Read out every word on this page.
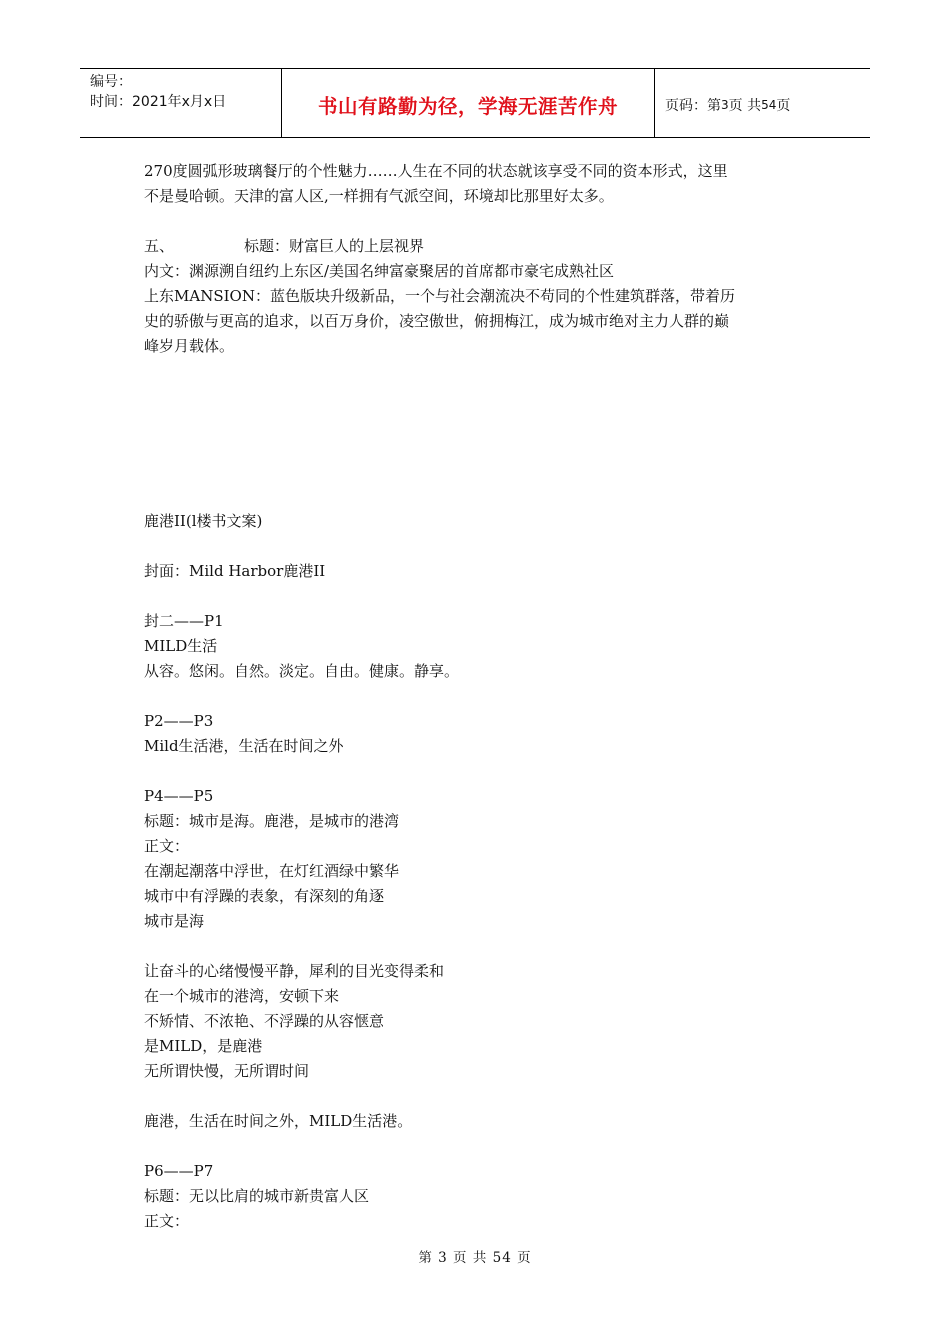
编号：
时间：2021年x月x日	书山有路勤为径，学海无涯苦作舟	页码：第 3 页 共 54 页

270度圆弧形玻璃餐厅的个性魅力……人生在不同的状态就该享受不同的资本形式，这里

不是曼哈顿。天津的富人区,一样拥有气派空间，环境却比那里好太多。

五、	标题：财富巨人的上层视界

内文：渊源溯自纽约上东区/美国名绅富豪聚居的首席都市豪宅成熟社区

上东MANSION：蓝色版块升级新品，一个与社会潮流决不苟同的个性建筑群落，带着历

史的骄傲与更高的追求，以百万身价，凌空傲世，俯拥梅江，成为城市绝对主力人群的巅

峰岁月载体。

鹿港II(l楼书文案)

封面：Mild Harbor鹿港II

封二——P1

MILD生活

从容。悠闲。自然。淡定。自由。健康。静享。

P2——P3

Mild生活港，生活在时间之外

P4——P5

标题：城市是海。鹿港，是城市的港湾

正文：

在潮起潮落中浮世，在灯红酒绿中繁华

城市中有浮躁的表象，有深刻的角逐

城市是海

让奋斗的心绪慢慢平静，犀利的目光变得柔和

在一个城市的港湾，安顿下来

不矫情、不浓艳、不浮躁的从容惬意

是MILD，是鹿港

无所谓快慢，无所谓时间

鹿港，生活在时间之外，MILD生活港。

P6——P7

标题：无以比肩的城市新贵富人区

正文：

第 3 页 共 54 页
